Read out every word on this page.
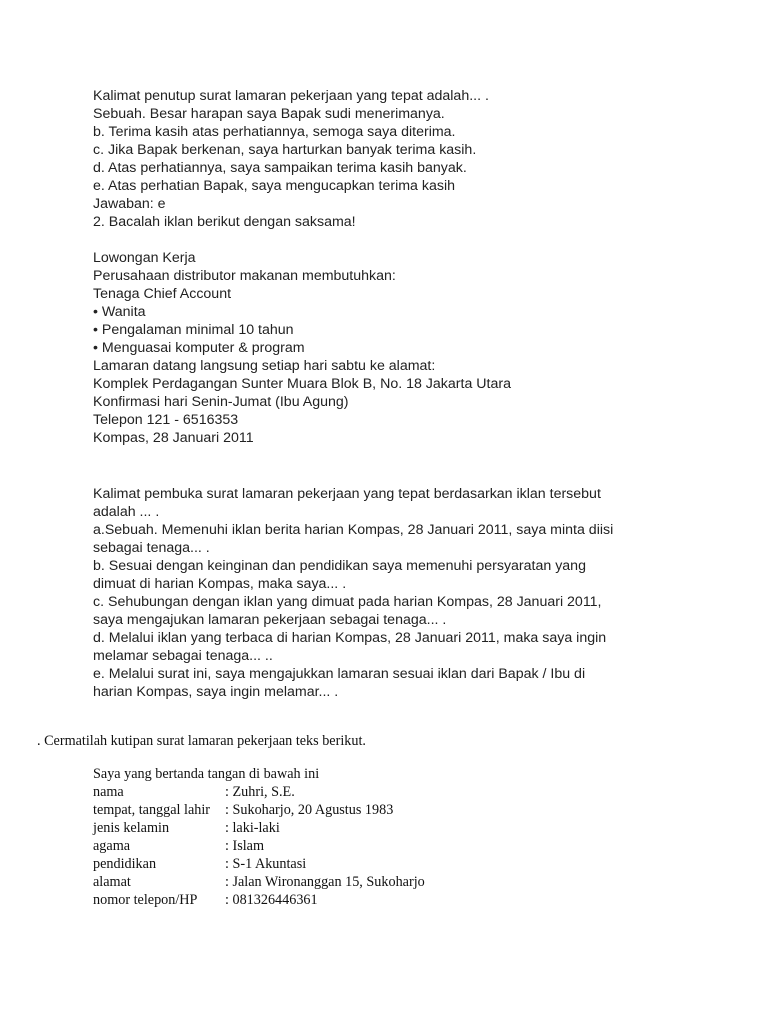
Kalimat penutup surat lamaran pekerjaan yang tepat adalah... .
Sebuah. Besar harapan saya Bapak sudi menerimanya.
b. Terima kasih atas perhatiannya, semoga saya diterima.
c. Jika Bapak berkenan, saya harturkan banyak terima kasih.
d. Atas perhatiannya, saya sampaikan terima kasih banyak.
e. Atas perhatian Bapak, saya mengucapkan terima kasih
Jawaban: e
2. Bacalah iklan berikut dengan saksama!
Lowongan Kerja
Perusahaan distributor makanan membutuhkan:
Tenaga Chief Account
• Wanita
• Pengalaman minimal 10 tahun
• Menguasai komputer & program
Lamaran datang langsung setiap hari sabtu ke alamat:
Komplek Perdagangan Sunter Muara Blok B, No. 18 Jakarta Utara
Konfirmasi hari Senin-Jumat (Ibu Agung)
Telepon 121 - 6516353
Kompas, 28 Januari 2011
Kalimat pembuka surat lamaran pekerjaan yang tepat berdasarkan iklan tersebut
adalah ... .
a.Sebuah. Memenuhi iklan berita harian Kompas, 28 Januari 2011, saya minta diisi
sebagai tenaga... .
b. Sesuai dengan keinginan dan pendidikan saya memenuhi persyaratan yang
dimuat di harian Kompas, maka saya... .
c. Sehubungan dengan iklan yang dimuat pada harian Kompas, 28 Januari 2011,
saya mengajukan lamaran pekerjaan sebagai tenaga... .
d. Melalui iklan yang terbaca di harian Kompas, 28 Januari 2011, maka saya ingin
melamar sebagai tenaga... ..
e. Melalui surat ini, saya mengajukkan lamaran sesuai iklan dari Bapak / Ibu di
harian Kompas, saya ingin melamar... .
. Cermatilah kutipan surat lamaran pekerjaan teks berikut.
Saya yang bertanda tangan di bawah ini
nama	: Zuhri, S.E.
tempat, tanggal lahir	: Sukoharjo, 20 Agustus 1983
jenis kelamin	: laki-laki
agama	: Islam
pendidikan	: S-1 Akuntasi
alamat	: Jalan Wironanggan 15, Sukoharjo
nomor telepon/HP	: 081326446361
